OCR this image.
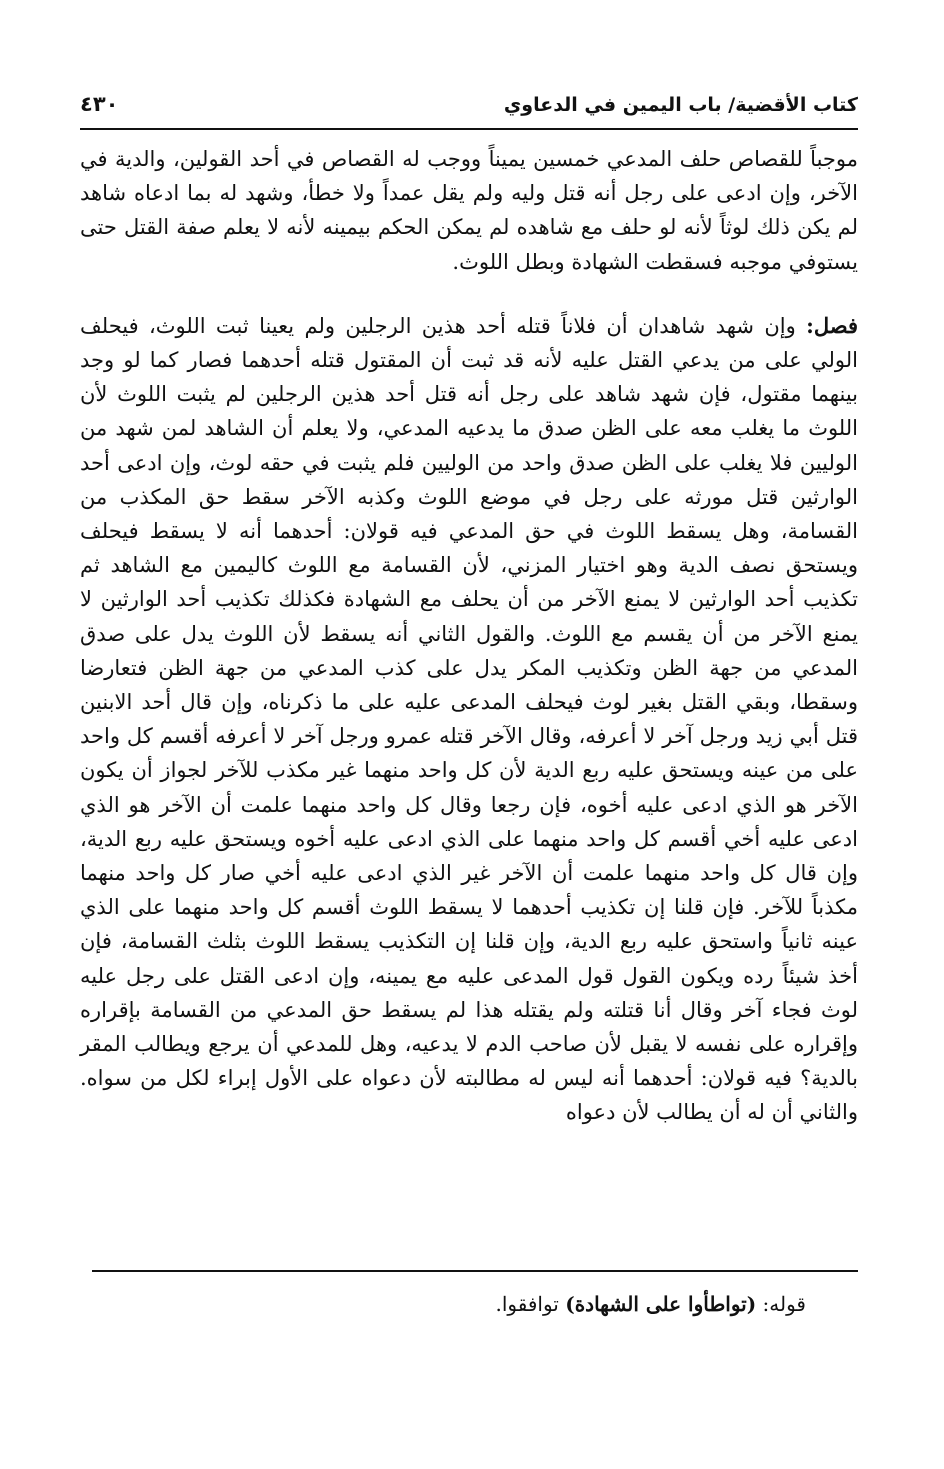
كتاب الأقضية/ باب اليمين في الدعاوي
٤٣٠

موجباً للقصاص حلف المدعي خمسين يميناً ووجب له القصاص في أحد القولين، والدية في الآخر، وإن ادعى على رجل أنه قتل وليه ولم يقل عمداً ولا خطأ، وشهد له بما ادعاه شاهد لم يكن ذلك لوثاً لأنه لو حلف مع شاهده لم يمكن الحكم بيمينه لأنه لا يعلم صفة القتل حتى يستوفي موجبه فسقطت الشهادة وبطل اللوث.

فصل: وإن شهد شاهدان أن فلاناً قتله أحد هذين الرجلين ولم يعينا ثبت اللوث، فيحلف الولي على من يدعي القتل عليه لأنه قد ثبت أن المقتول قتله أحدهما فصار كما لو وجد بينهما مقتول، فإن شهد شاهد على رجل أنه قتل أحد هذين الرجلين لم يثبت اللوث لأن اللوث ما يغلب معه على الظن صدق ما يدعيه المدعي، ولا يعلم أن الشاهد لمن شهد من الوليين فلا يغلب على الظن صدق واحد من الوليين فلم يثبت في حقه لوث، وإن ادعى أحد الوارثين قتل مورثه على رجل في موضع اللوث وكذبه الآخر سقط حق المكذب من القسامة، وهل يسقط اللوث في حق المدعي فيه قولان: أحدهما أنه لا يسقط فيحلف ويستحق نصف الدية وهو اختيار المزني، لأن القسامة مع اللوث كاليمين مع الشاهد ثم تكذيب أحد الوارثين لا يمنع الآخر من أن يحلف مع الشهادة فكذلك تكذيب أحد الوارثين لا يمنع الآخر من أن يقسم مع اللوث. والقول الثاني أنه يسقط لأن اللوث يدل على صدق المدعي من جهة الظن وتكذيب المكر يدل على كذب المدعي من جهة الظن فتعارضا وسقطا، وبقي القتل بغير لوث فيحلف المدعى عليه على ما ذكرناه، وإن قال أحد الابنين قتل أبي زيد ورجل آخر لا أعرفه، وقال الآخر قتله عمرو ورجل آخر لا أعرفه أقسم كل واحد على من عينه ويستحق عليه ربع الدية لأن كل واحد منهما غير مكذب للآخر لجواز أن يكون الآخر هو الذي ادعى عليه أخوه، فإن رجعا وقال كل واحد منهما علمت أن الآخر هو الذي ادعى عليه أخي أقسم كل واحد منهما على الذي ادعى عليه أخوه ويستحق عليه ربع الدية، وإن قال كل واحد منهما علمت أن الآخر غير الذي ادعى عليه أخي صار كل واحد منهما مكذباً للآخر. فإن قلنا إن تكذيب أحدهما لا يسقط اللوث أقسم كل واحد منهما على الذي عينه ثانياً واستحق عليه ربع الدية، وإن قلنا إن التكذيب يسقط اللوث بثلث القسامة، فإن أخذ شيئاً رده ويكون القول قول المدعى عليه مع يمينه، وإن ادعى القتل على رجل عليه لوث فجاء آخر وقال أنا قتلته ولم يقتله هذا لم يسقط حق المدعي من القسامة بإقراره وإقراره على نفسه لا يقبل لأن صاحب الدم لا يدعيه، وهل للمدعي أن يرجع ويطالب المقر بالدية؟ فيه قولان: أحدهما أنه ليس له مطالبته لأن دعواه على الأول إبراء لكل من سواه. والثاني أن له أن يطالب لأن دعواه

قوله: (تواطأوا على الشهادة) توافقوا.
